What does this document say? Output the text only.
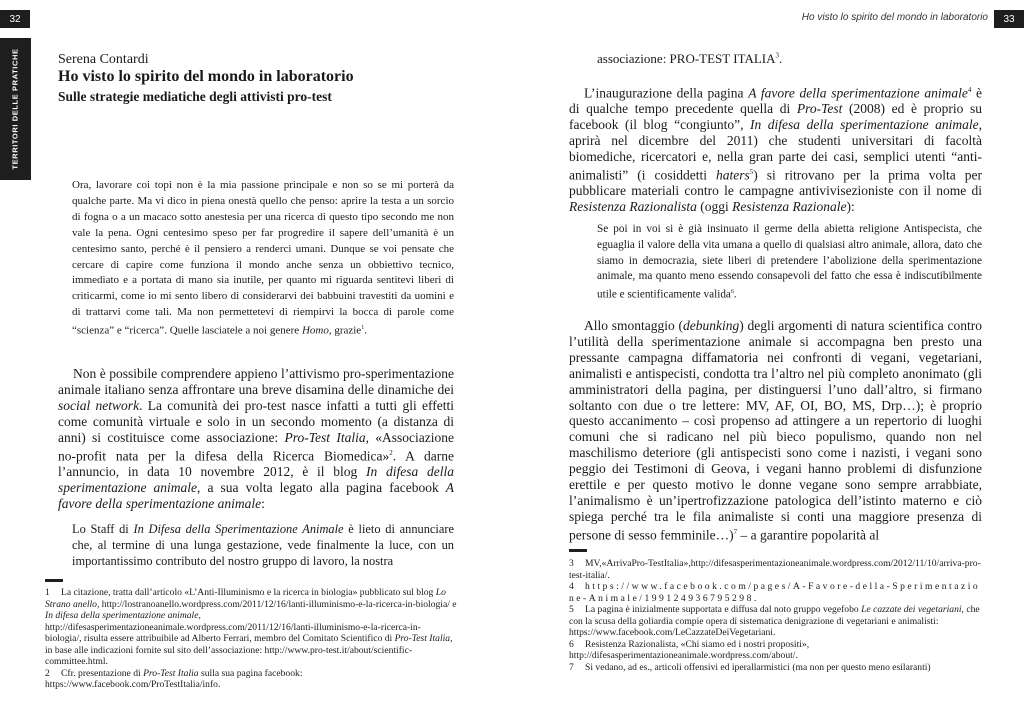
32
TERRITORI DELLE PRATICHE	Serena Contardi
Ho visto lo spirito del mondo in laboratorio
Sulle strategie mediatiche degli attivisti pro-test
Ora, lavorare coi topi non è la mia passione principale e non so se mi porterà da qualche parte. Ma vi dico in piena onestà quello che penso: aprire la testa a un sorcio di fogna o a un macaco sotto anestesia per una ricerca di questo tipo secondo me non vale la pena. Ogni centesimo speso per far progredire il sapere dell’umanità è un centesimo santo, perché è il pensiero a renderci umani. Dunque se voi pensate che cercare di capire come funziona il mondo anche senza un obbiettivo tecnico, immediato e a portata di mano sia inutile, per quanto mi riguarda sentitevi liberi di criticarmi, come io mi sento libero di considerarvi dei babbuini travestiti da uomini e di trattarvi come tali. Ma non permettetevi di riempirvi la bocca di parole come “scienza” e “ricerca”. Quelle lasciatele a noi genere Homo, grazie$^1$.
Non è possibile comprendere appieno l’attivismo pro-sperimentazione animale italiano senza affrontare una breve disamina delle dinamiche dei social network. La comunità dei pro-test nasce infatti a tutti gli effetti come comunità virtuale e solo in un secondo momento (a distanza di anni) si costituisce come associazione: Pro-Test Italia, «Associazione no-profit nata per la difesa della Ricerca Biomedica»$^2$. A darne l’annuncio, in data 10 novembre 2012, è il blog In difesa della sperimentazione animale, a sua volta legato alla pagina facebook A favore della sperimentazione animale:
Lo Staff di In Difesa della Sperimentazione Animale è lieto di annunciare che, al termine di una lunga gestazione, vede finalmente la luce, con un importantissimo contributo del nostro gruppo di lavoro, la nostra

1 La citazione, tratta dall’articolo «L’Anti-Illuminismo e la ricerca in biologia» pubblicato sul blog Lo Strano anello, http://lostranoanello.wordpress.com/2011/12/16/lanti-illuminismo-e-la-ricerca-in-biologia/ e In difesa della sperimentazione animale, http://difesasperimentazioneanimale.wordpress.com/2011/12/16/lanti-illuminismo-e-la-ricerca-in-biologia/, risulta essere attribuibile ad Alberto Ferrari, membro del Comitato Scientifico di Pro-Test Italia, in base alle indicazioni fornite sul sito dell’associazione: http://www.pro-test.it/about/scientific-committee.html.

2 Cfr. presentazione di Pro-Test Italia sulla sua pagina facebook: https://www.facebook.com/ProTestItalia/info.

Ho visto lo spirito del mondo in laboratorio	33
associazione: PRO-TEST ITALIA$^3$.
L’inaugurazione della pagina A favore della sperimentazione animale$^4$ è di qualche tempo precedente quella di Pro-Test (2008) ed è proprio su facebook (il blog “congiunto”, In difesa della sperimentazione animale, aprirà nel dicembre del 2011) che studenti universitari di facoltà biomediche, ricercatori e, nella gran parte dei casi, semplici utenti “anti-animalisti” (i cosiddetti haters$^5$) si ritrovano per la prima volta per pubblicare materiali contro le campagne antivivisezioniste con il nome di Resistenza Razionalista (oggi Resistenza Razionale):
Se poi in voi si è già insinuato il germe della abietta religione Antispecista, che eguaglia il valore della vita umana a quello di qualsiasi altro animale, allora, dato che siamo in democrazia, siete liberi di pretendere l’abolizione della sperimentazione animale, ma quanto meno essendo consapevoli del fatto che essa è indiscutibilmente utile e scientificamente valida$^6$.
Allo smontaggio (debunking) degli argomenti di natura scientifica contro l’utilità della sperimentazione animale si accompagna ben presto una pressante campagna diffamatoria nei confronti di vegani, vegetariani, animalisti e antispecisti, condotta tra l’altro nel più completo anonimato (gli amministratori della pagina, per distinguersi l’uno dall’altro, si firmano soltanto con due o tre lettere: MV, AF, OI, BO, MS, Drp…); è proprio questo accanimento – così propenso ad attingere a un repertorio di luoghi comuni che si radicano nel più bieco populismo, quando non nel maschilismo deteriore (gli antispecisti sono come i nazisti, i vegani sono peggio dei Testimoni di Geova, i vegani hanno problemi di disfunzione erettile e per questo motivo le donne vegane sono sempre arrabbiate, l’animalismo è un’ipertrofizzazione patologica dell’istinto materno e ciò spiega perché tra le fila animaliste si conti una maggiore presenza di persone di sesso femminile…)$^7$ – a garantire popolarità al

3 MV,«ArrivaPro-TestItalia»,http://difesasperimentazioneanimale.wordpress.com/2012/11/10/arriva-pro-test-italia/.

4 https://www.facebook.com/pages/A-Favore-della-Sperimentazione-Animale/199124936795298.

5 La pagina è inizialmente supportata e diffusa dal noto gruppo vegefobo Le cazzate dei vegetariani, che con la scusa della goliardia compie opera di sistematica denigrazione di vegetariani e animalisti: https://www.facebook.com/LeCazzateDeiVegetariani.

6 Resistenza Razionalista, «Chi siamo ed i nostri propositi», http://difesasperimentazioneanimale.wordpress.com/about/.

7 Si vedano, ad es., articoli offensivi ed iperallarmistici (ma non per questo meno esilaranti)
